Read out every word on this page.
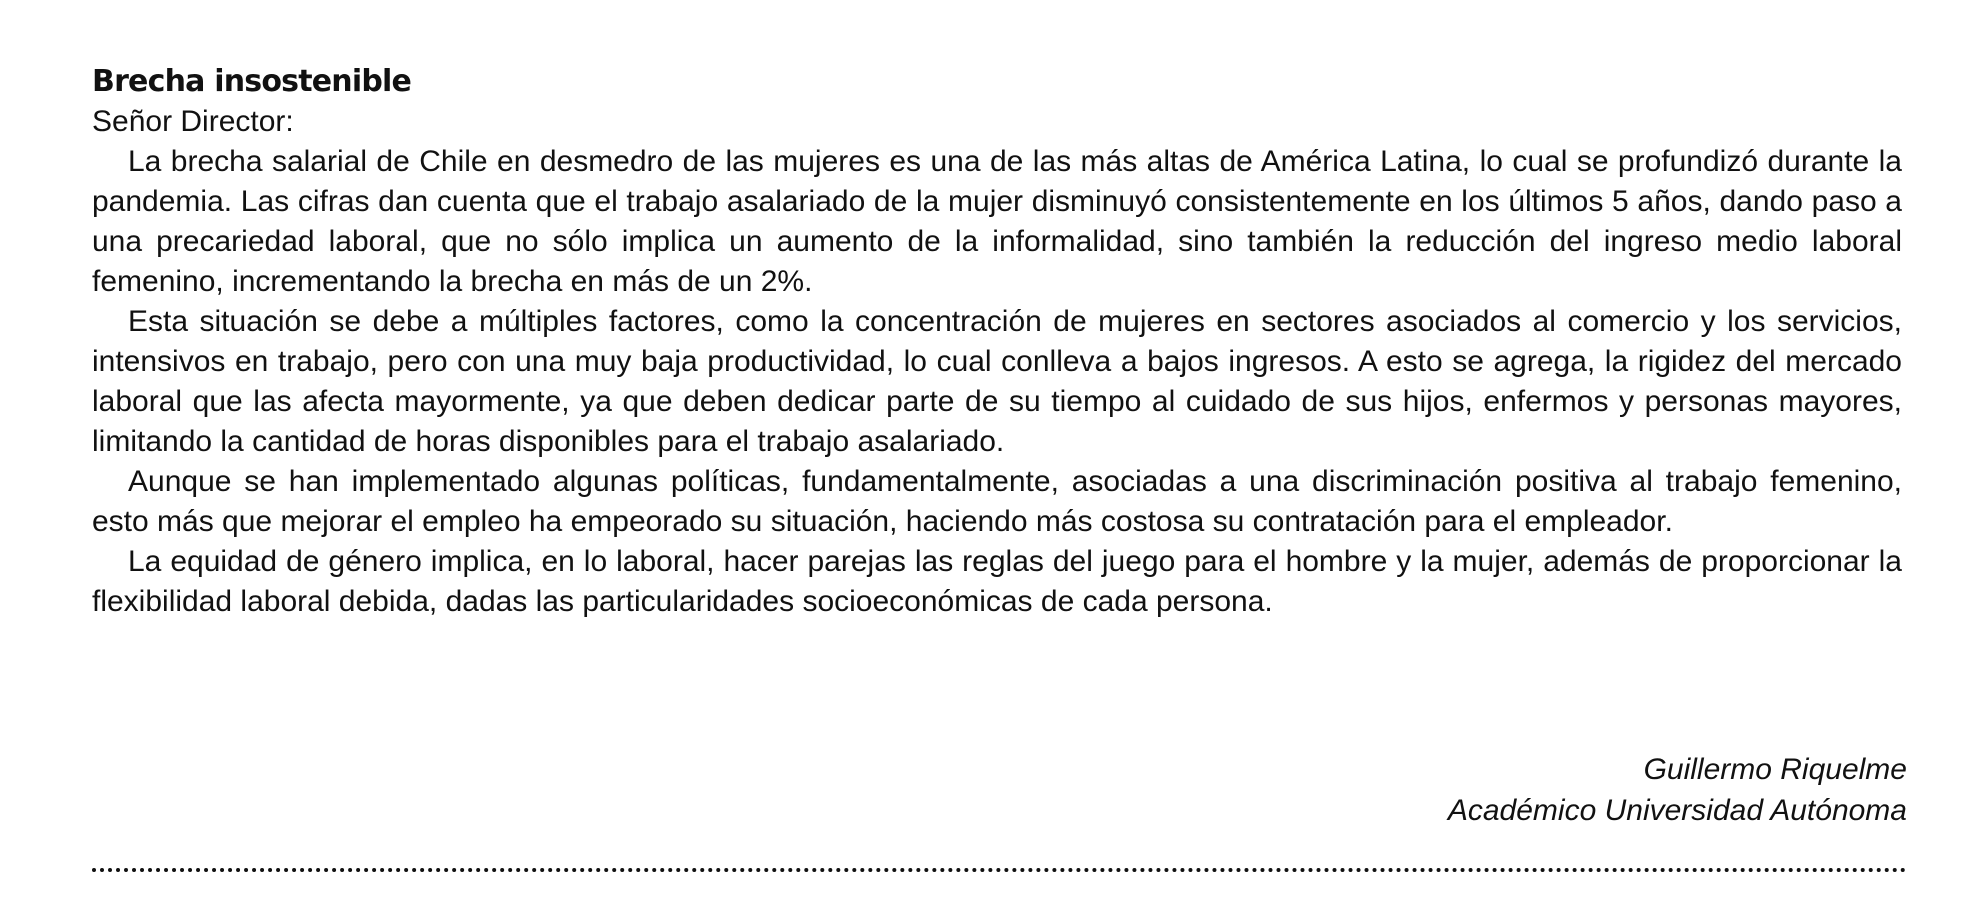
Brecha insostenible

Señor Director:

La brecha salarial de Chile en desmedro de las mujeres es una de las más altas de América Latina, lo cual se profundizó durante la pandemia. Las cifras dan cuenta que el trabajo asalariado de la mujer disminuyó consistentemente en los últimos 5 años, dando paso a una precariedad laboral, que no sólo implica un aumento de la informalidad, sino también la reducción del ingreso medio laboral femenino, incrementando la brecha en más de un 2%.

Esta situación se debe a múltiples factores, como la concentración de mujeres en sectores asociados al comercio y los servicios, intensivos en trabajo, pero con una muy baja productividad, lo cual conlleva a bajos ingresos. A esto se agrega, la rigidez del mercado laboral que las afecta mayormente, ya que deben dedicar parte de su tiempo al cuidado de sus hijos, enfermos y personas mayores, limitando la cantidad de horas disponibles para el trabajo asalariado.

Aunque se han implementado algunas políticas, fundamentalmente, asociadas a una discriminación positiva al trabajo femenino, esto más que mejorar el empleo ha empeorado su situación, haciendo más costosa su contratación para el empleador.

La equidad de género implica, en lo laboral, hacer parejas las reglas del juego para el hombre y la mujer, además de proporcionar la flexibilidad laboral debida, dadas las particularidades socioeconómicas de cada persona.

Guillermo Riquelme
Académico Universidad Autónoma
